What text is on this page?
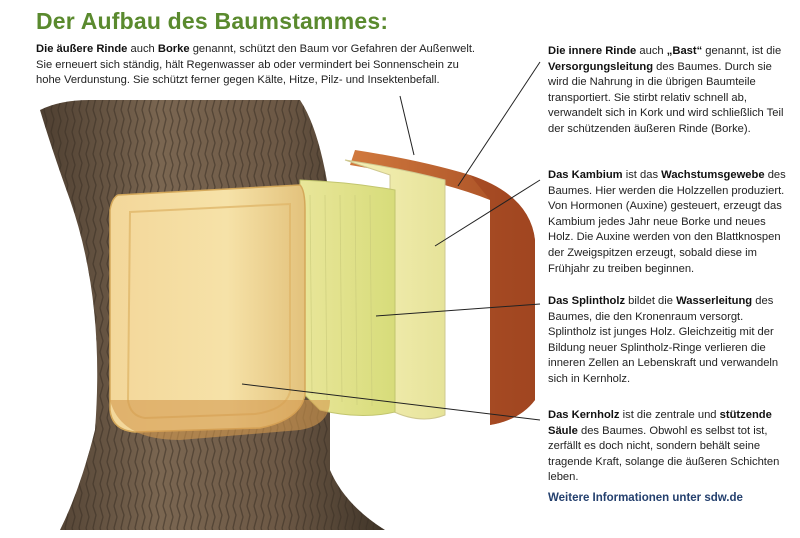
Der Aufbau des Baumstammes:
Die äußere Rinde auch Borke genannt, schützt den Baum vor Gefahren der Außenwelt. Sie erneuert sich ständig, hält Regenwasser ab oder vermindert bei Sonnenschein zu hohe Verdunstung. Sie schützt ferner gegen Kälte, Hitze, Pilz- und Insektenbefall.
Die innere Rinde auch „Bast“ genannt, ist die Versorgungsleitung des Baumes. Durch sie wird die Nahrung in die übrigen Baumteile transportiert. Sie stirbt relativ schnell ab, verwandelt sich in Kork und wird schließlich Teil der schützenden äußeren Rinde (Borke).
Das Kambium ist das Wachstumsgewebe des Baumes. Hier werden die Holzzellen produziert. Von Hormonen (Auxine) gesteuert, erzeugt das Kambium jedes Jahr neue Borke und neues Holz. Die Auxine werden von den Blattknospen der Zweigspitzen erzeugt, sobald diese im Frühjahr zu treiben beginnen.
Das Splintholz bildet die Wasserleitung des Baumes, die den Kronenraum versorgt. Splintholz ist junges Holz. Gleichzeitig mit der Bildung neuer Splintholz-Ringe verlieren die inneren Zellen an Lebenskraft und verwandeln sich in Kernholz.
Das Kernholz ist die zentrale und stützende Säule des Baumes. Obwohl es selbst tot ist, zerfällt es doch nicht, sondern behält seine tragende Kraft, solange die äußeren Schichten leben.
Weitere Informationen unter sdw.de
